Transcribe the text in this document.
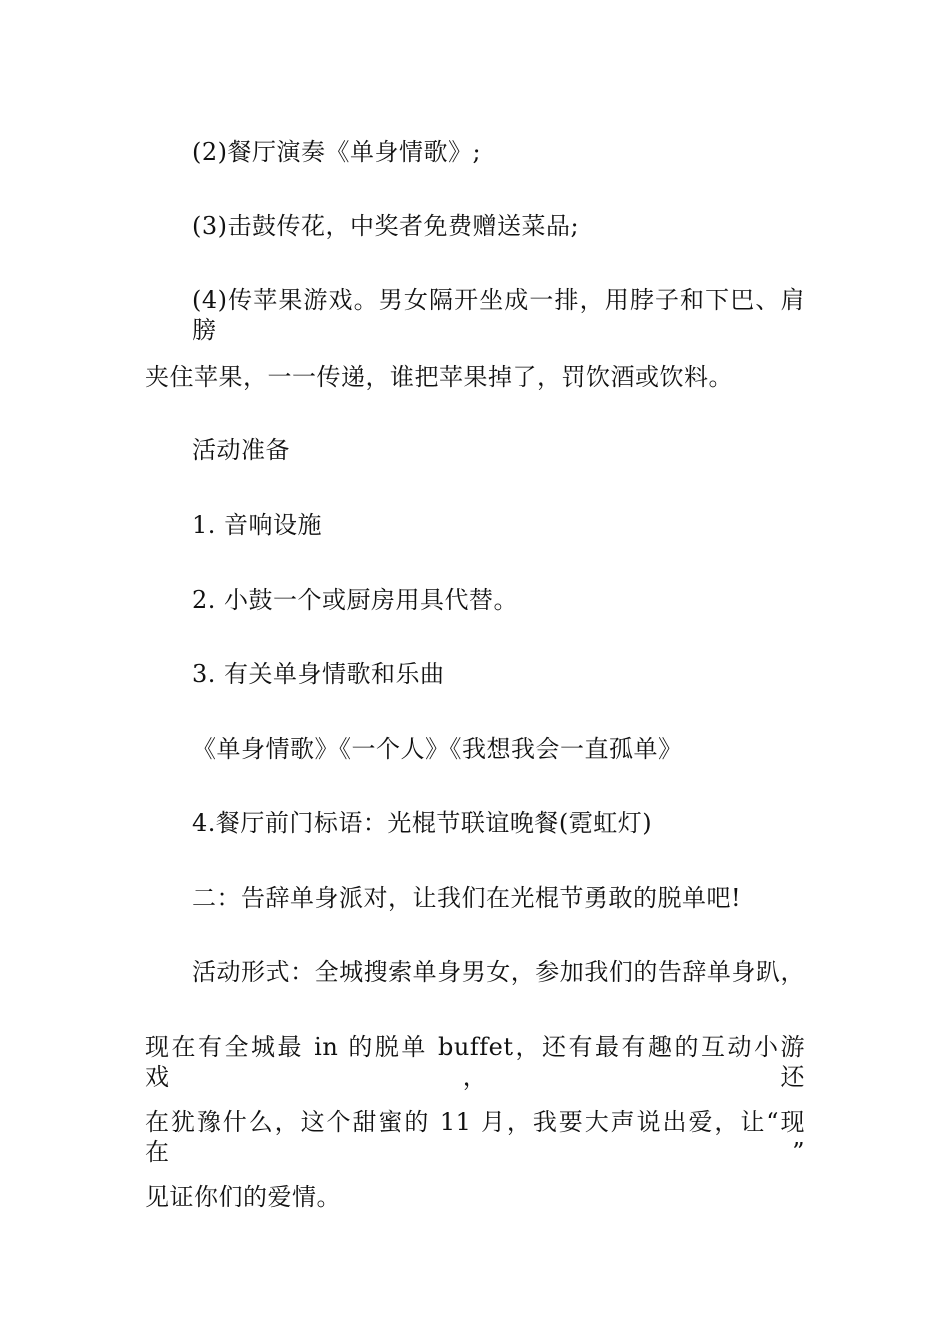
(2)餐厅演奏《单身情歌》;
(3)击鼓传花，中奖者免费赠送菜品;
(4)传苹果游戏。男女隔开坐成一排，用脖子和下巴、肩膀
夹住苹果，一一传递，谁把苹果掉了，罚饮酒或饮料。
活动准备
1. 音响设施
2. 小鼓一个或厨房用具代替。
3. 有关单身情歌和乐曲
《单身情歌》《一个人》《我想我会一直孤单》
4.餐厅前门标语：光棍节联谊晚餐(霓虹灯)
二：告辞单身派对，让我们在光棍节勇敢的脱单吧!
活动形式：全城搜索单身男女，参加我们的告辞单身趴，
现在有全城最 in 的脱单 buffet，还有最有趣的互动小游戏，还
在犹豫什么，这个甜蜜的 11 月，我要大声说出爱，让“现在”
见证你们的爱情。
